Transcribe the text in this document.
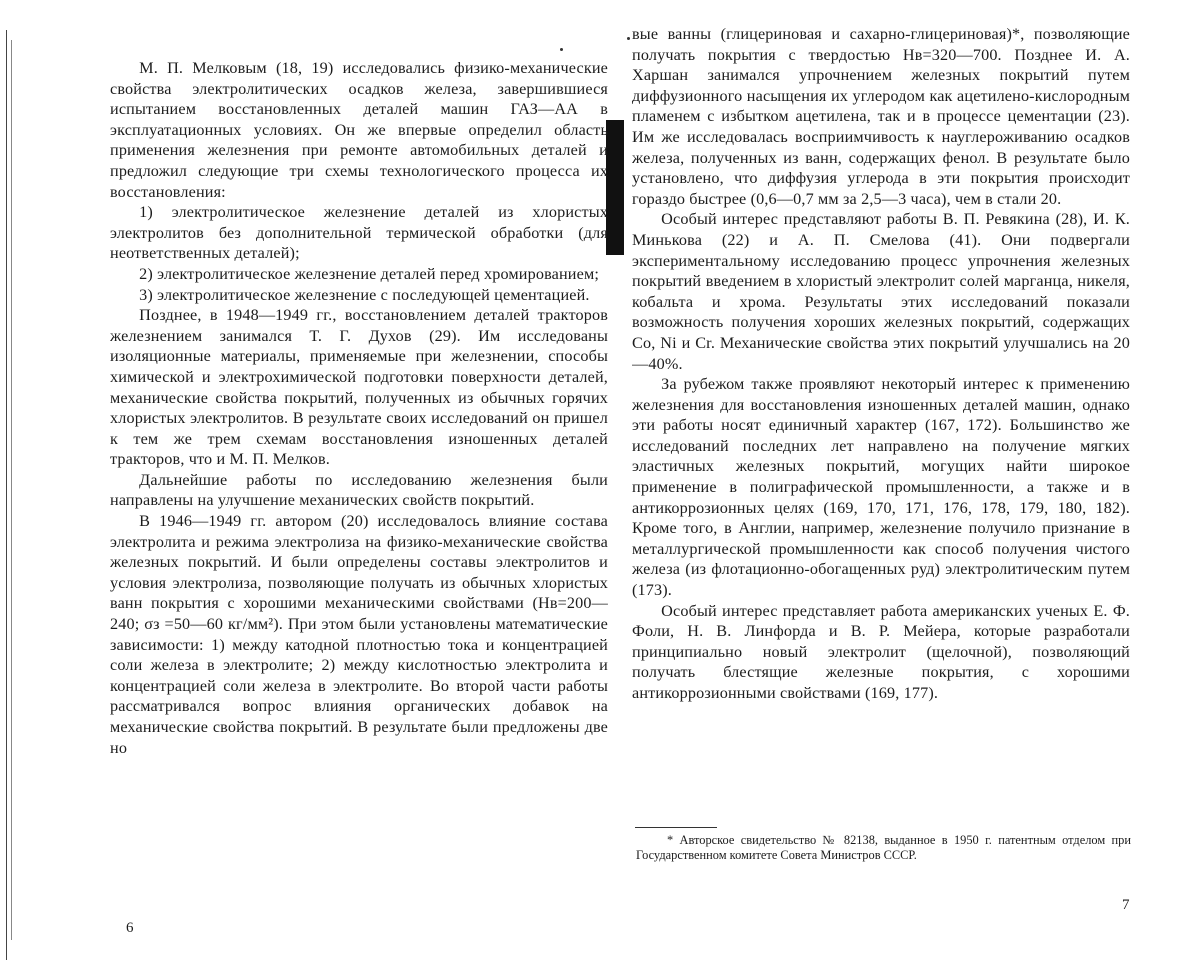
М. П. Мелковым (18, 19) исследовались физико-механические свойства электролитических осадков железа, завершившиеся испытанием восстановленных деталей машин ГАЗ—АА в эксплуатационных условиях. Он же впервые определил область применения железнения при ремонте автомобильных деталей и предложил следующие три схемы технологического процесса их восстановления:

1) электролитическое железнение деталей из хлористых электролитов без дополнительной термической обработки (для неответственных деталей);

2) электролитическое железнение деталей перед хромированием;

3) электролитическое железнение с последующей цементацией.

Позднее, в 1948—1949 гг., восстановлением деталей тракторов железнением занимался Т. Г. Духов (29). Им исследованы изоляционные материалы, применяемые при железнении, способы химической и электрохимической подготовки поверхности деталей, механические свойства покрытий, полученных из обычных горячих хлористых электролитов. В результате своих исследований он пришел к тем же трем схемам восстановления изношенных деталей тракторов, что и М. П. Мелков.

Дальнейшие работы по исследованию железнения были направлены на улучшение механических свойств покрытий.

В 1946—1949 гг. автором (20) исследовалось влияние состава электролита и режима электролиза на физико-механические свойства железных покрытий. И были определены составы электролитов и условия электролиза, позволяющие получать из обычных хлористых ванн покрытия с хорошими механическими свойствами (Нв=200—240; σз =50—60 кг/мм²). При этом были установлены математические зависимости: 1) между катодной плотностью тока и концентрацией соли железа в электролите; 2) между кислотностью электролита и концентрацией соли железа в электролите. Во второй части работы рассматривался вопрос влияния органических добавок на механические свойства покрытий. В результате были предложены две но

вые ванны (глицериновая и сахарно-глицериновая)*, позволяющие получать покрытия с твердостью Нв=320—700. Позднее И. А. Харшан занимался упрочнением железных покрытий путем диффузионного насыщения их углеродом как ацетилено-кислородным пламенем с избытком ацетилена, так и в процессе цементации (23). Им же исследовалась восприимчивость к науглероживанию осадков железа, полученных из ванн, содержащих фенол. В результате было установлено, что диффузия углерода в эти покрытия происходит гораздо быстрее (0,6—0,7 мм за 2,5—3 часа), чем в стали 20.

Особый интерес представляют работы В. П. Ревякина (28), И. К. Минькова (22) и А. П. Смелова (41). Они подвергали экспериментальному исследованию процесс упрочнения железных покрытий введением в хлористый электролит солей марганца, никеля, кобальта и хрома. Результаты этих исследований показали возможность получения хороших железных покрытий, содержащих Co, Ni и Cr. Механические свойства этих покрытий улучшались на 20—40%.

За рубежом также проявляют некоторый интерес к применению железнения для восстановления изношенных деталей машин, однако эти работы носят единичный характер (167, 172). Большинство же исследований последних лет направлено на получение мягких эластичных железных покрытий, могущих найти широкое применение в полиграфической промышленности, а также и в антикоррозионных целях (169, 170, 171, 176, 178, 179, 180, 182). Кроме того, в Англии, например, железнение получило признание в металлургической промышленности как способ получения чистого железа (из флотационно-обогащенных руд) электролитическим путем (173).

Особый интерес представляет работа американских ученых Е. Ф. Фоли, Н. В. Линфорда и В. Р. Мейера, которые разработали принципиально новый электролит (щелочной), позволяющий получать блестящие железные покрытия, с хорошими антикоррозионными свойствами (169, 177).

* Авторское свидетельство № 82138, выданное в 1950 г. патентным отделом при Государственном комитете Совета Министров СССР.

6
7
